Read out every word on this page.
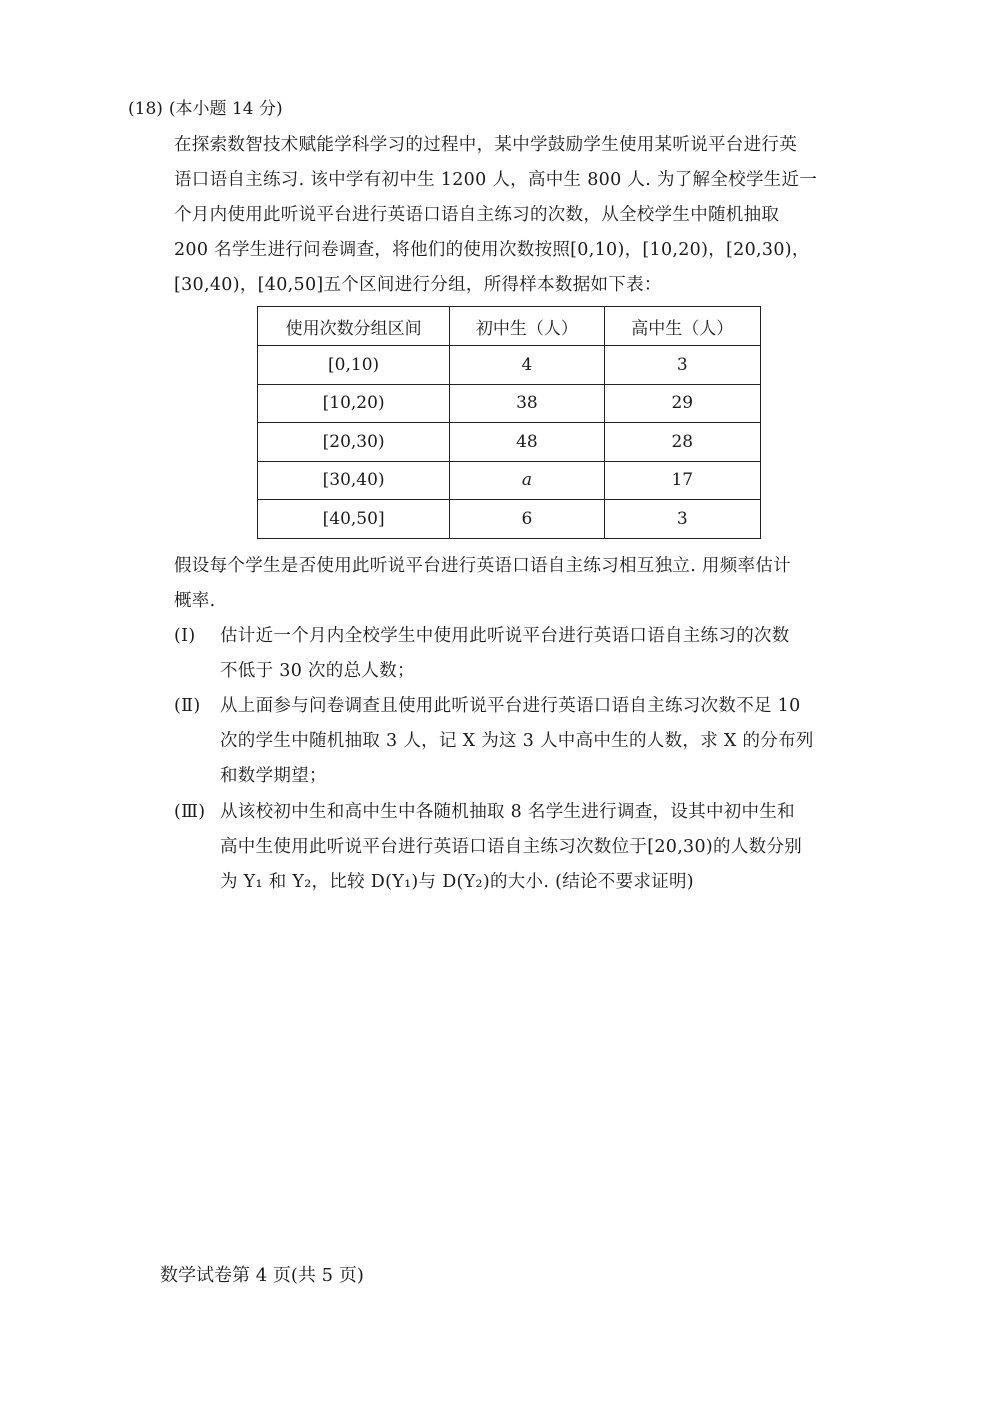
(18) (本小题 14 分)
在探索数智技术赋能学科学习的过程中，某中学鼓励学生使用某听说平台进行英
语口语自主练习. 该中学有初中生 1200 人，高中生 800 人. 为了解全校学生近一
个月内使用此听说平台进行英语口语自主练习的次数，从全校学生中随机抽取
200 名学生进行问卷调查，将他们的使用次数按照[0,10)，[10,20)，[20,30)，
[30,40)，[40,50]五个区间进行分组，所得样本数据如下表：
使用次数分组区间	初中生（人）	高中生（人）
[0,10)	4	3
[10,20)	38	29
[20,30)	48	28
[30,40)	a	17
[40,50]	6	3
假设每个学生是否使用此听说平台进行英语口语自主练习相互独立. 用频率估计
概率.
(Ⅰ) 估计近一个月内全校学生中使用此听说平台进行英语口语自主练习的次数
不低于 30 次的总人数；
(Ⅱ) 从上面参与问卷调查且使用此听说平台进行英语口语自主练习次数不足 10
次的学生中随机抽取 3 人，记 X 为这 3 人中高中生的人数，求 X 的分布列
和数学期望；
(Ⅲ) 从该校初中生和高中生中各随机抽取 8 名学生进行调查，设其中初中生和
高中生使用此听说平台进行英语口语自主练习次数位于[20,30)的人数分别
为 Y₁ 和 Y₂，比较 D(Y₁)与 D(Y₂)的大小. (结论不要求证明)
数学试卷第 4 页(共 5 页)
